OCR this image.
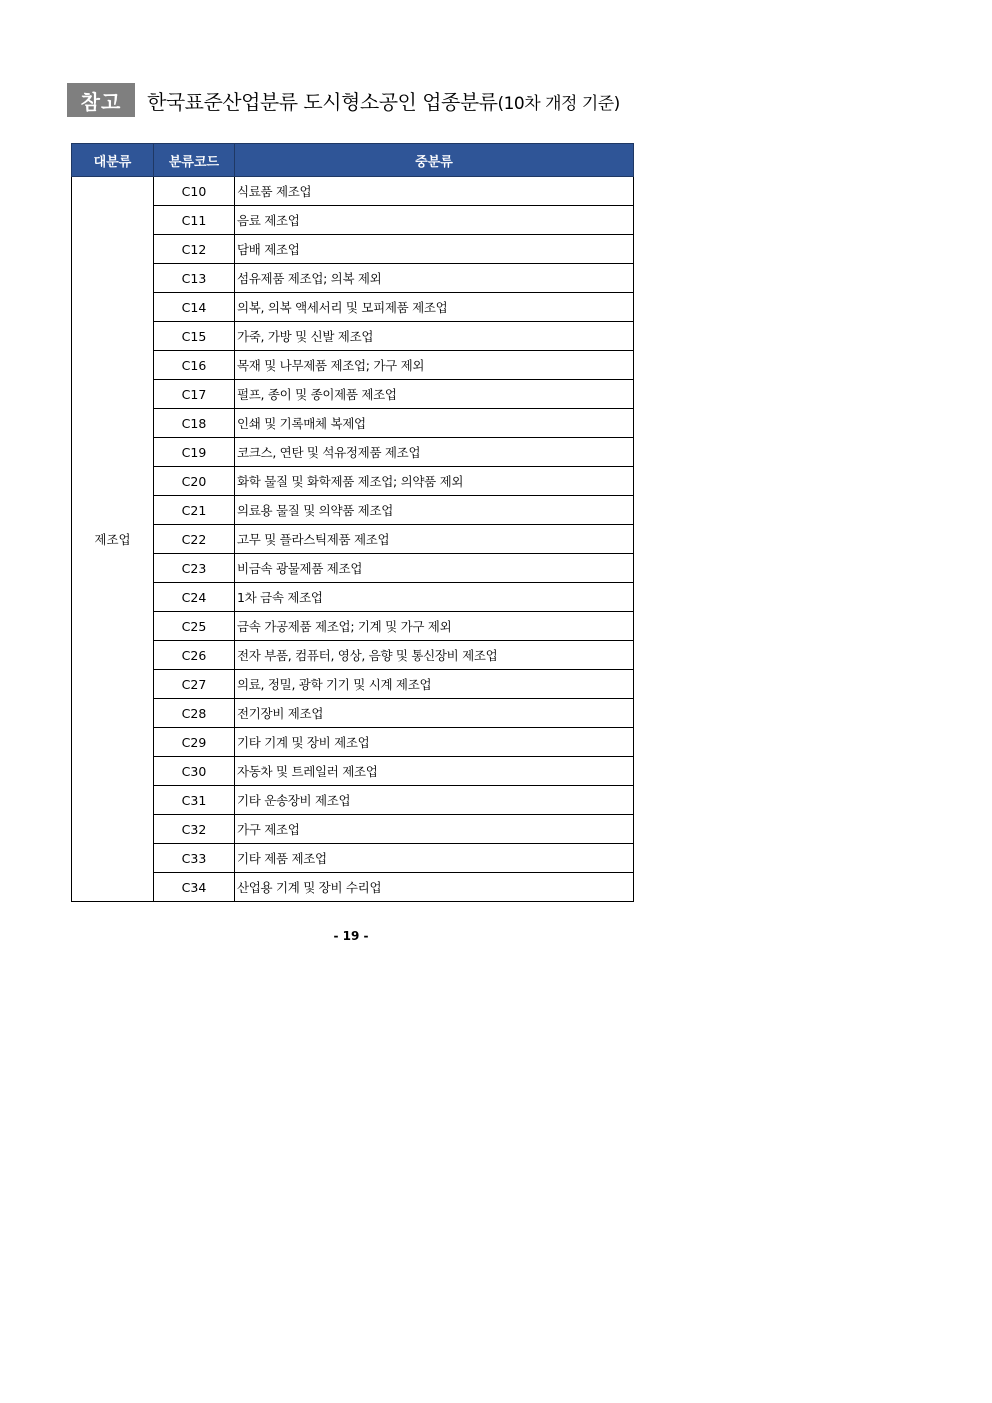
참고	한국표준산업분류 도시형소공인 업종분류(10차 개정 기준)
대분류	분류코드	중분류
제조업	C10	식료품 제조업
	C11	음료 제조업
	C12	담배 제조업
	C13	섬유제품 제조업; 의복 제외
	C14	의복, 의복 액세서리 및 모피제품 제조업
	C15	가죽, 가방 및 신발 제조업
	C16	목재 및 나무제품 제조업; 가구 제외
	C17	펄프, 종이 및 종이제품 제조업
	C18	인쇄 및 기록매체 복제업
	C19	코크스, 연탄 및 석유정제품 제조업
	C20	화학 물질 및 화학제품 제조업; 의약품 제외
	C21	의료용 물질 및 의약품 제조업
	C22	고무 및 플라스틱제품 제조업
	C23	비금속 광물제품 제조업
	C24	1차 금속 제조업
	C25	금속 가공제품 제조업; 기계 및 가구 제외
	C26	전자 부품, 컴퓨터, 영상, 음향 및 통신장비 제조업
	C27	의료, 정밀, 광학 기기 및 시계 제조업
	C28	전기장비 제조업
	C29	기타 기계 및 장비 제조업
	C30	자동차 및 트레일러 제조업
	C31	기타 운송장비 제조업
	C32	가구 제조업
	C33	기타 제품 제조업
	C34	산업용 기계 및 장비 수리업
- 19 -
